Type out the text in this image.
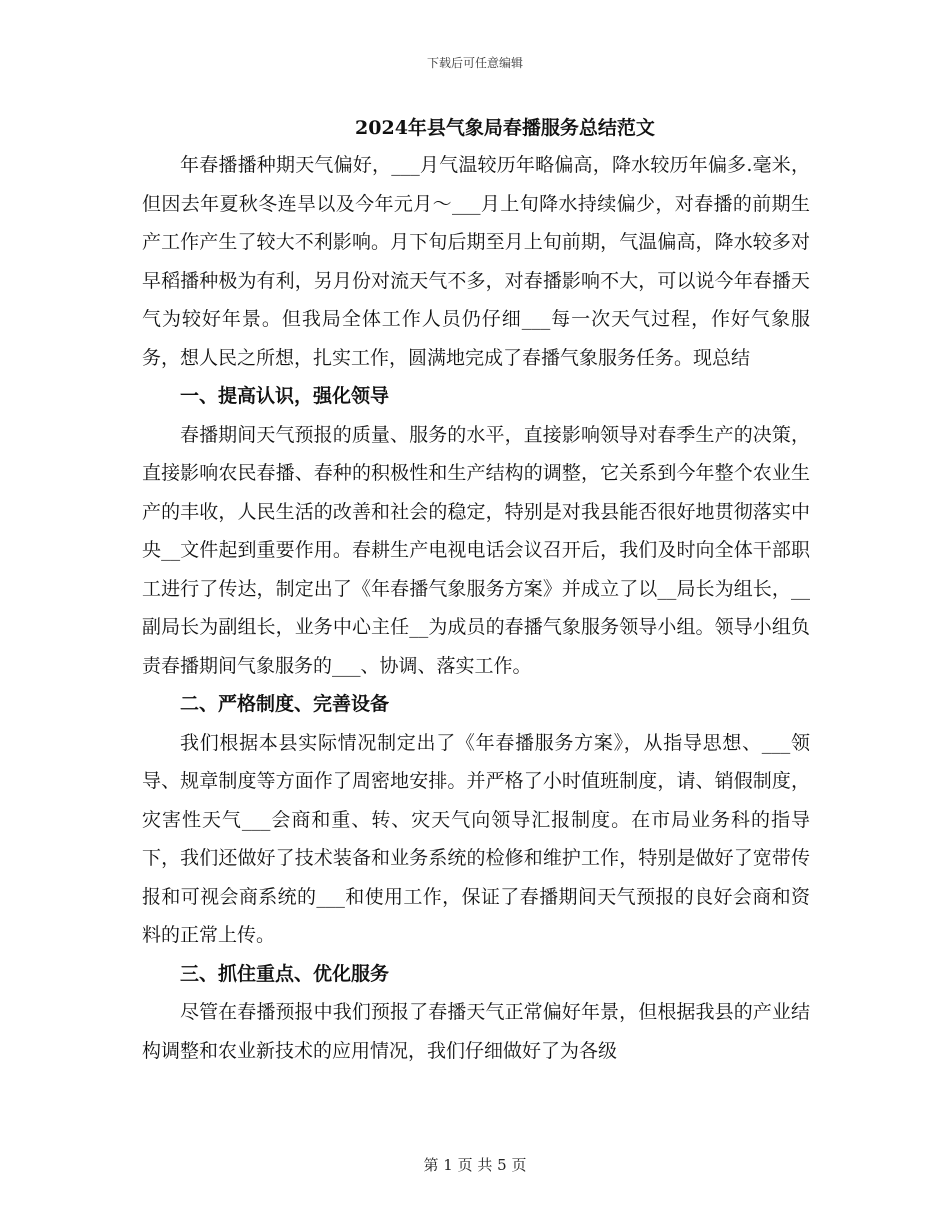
下载后可任意编辑
2024年县气象局春播服务总结范文

年春播播种期天气偏好，___月气温较历年略偏高，降水较历年偏多.毫米，但因去年夏秋冬连旱以及今年元月～___月上旬降水持续偏少，对春播的前期生产工作产生了较大不利影响。月下旬后期至月上旬前期，气温偏高，降水较多对早稻播种极为有利，另月份对流天气不多，对春播影响不大，可以说今年春播天气为较好年景。但我局全体工作人员仍仔细___每一次天气过程，作好气象服务，想人民之所想，扎实工作，圆满地完成了春播气象服务任务。现总结

一、提高认识，强化领导

春播期间天气预报的质量、服务的水平，直接影响领导对春季生产的决策，直接影响农民春播、春种的积极性和生产结构的调整，它关系到今年整个农业生产的丰收，人民生活的改善和社会的稳定，特别是对我县能否很好地贯彻落实中央__文件起到重要作用。春耕生产电视电话会议召开后，我们及时向全体干部职工进行了传达，制定出了《年春播气象服务方案》并成立了以__局长为组长，__副局长为副组长，业务中心主任__为成员的春播气象服务领导小组。领导小组负责春播期间气象服务的___、协调、落实工作。

二、严格制度、完善设备

我们根据本县实际情况制定出了《年春播服务方案》，从指导思想、___领导、规章制度等方面作了周密地安排。并严格了小时值班制度，请、销假制度，灾害性天气___会商和重、转、灾天气向领导汇报制度。在市局业务科的指导下，我们还做好了技术装备和业务系统的检修和维护工作，特别是做好了宽带传报和可视会商系统的___和使用工作，保证了春播期间天气预报的良好会商和资料的正常上传。

三、抓住重点、优化服务

尽管在春播预报中我们预报了春播天气正常偏好年景，但根据我县的产业结构调整和农业新技术的应用情况，我们仔细做好了为各级

第 1 页 共 5 页
